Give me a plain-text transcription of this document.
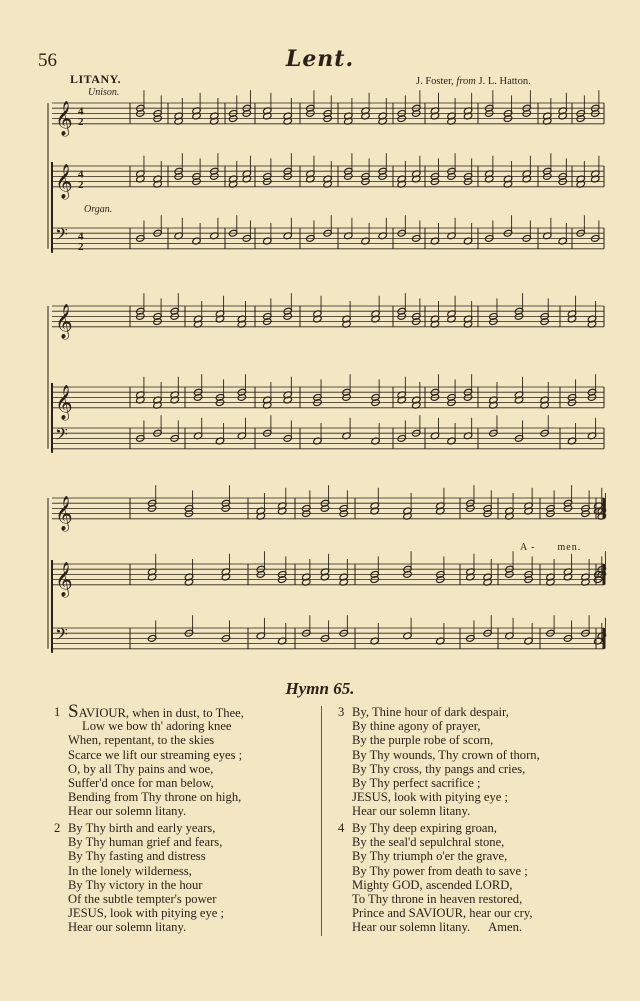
56	Lent.
LITANY.	J. Foster, from J. L. Hatton.
Unison.
Organ.
A - men.
𝄞 4
2
𝄞 4
2
𝄢 4
2
𝄞
𝄞
𝄢
𝄞
𝄞
𝄢
Hymn 65.
1 SAVIOUR, when in dust, to Thee,
Low we bow th' adoring knee
When, repentant, to the skies
Scarce we lift our streaming eyes ;
O, by all Thy pains and woe,
Suffer'd once for man below,
Bending from Thy throne on high,
Hear our solemn litany.
2 By Thy birth and early years,
By Thy human grief and fears,
By Thy fasting and distress
In the lonely wilderness,
By Thy victory in the hour
Of the subtle tempter's power
JESUS, look with pitying eye ;
Hear our solemn litany.
3 By, Thine hour of dark despair,
By thine agony of prayer,
By the purple robe of scorn,
By Thy wounds, Thy crown of thorn,
By Thy cross, thy pangs and cries,
By Thy perfect sacrifice ;
JESUS, look with pitying eye ;
Hear our solemn litany.
4 By Thy deep expiring groan,
By the seal'd sepulchral stone,
By Thy triumph o'er the grave,
By Thy power from death to save ;
Mighty GOD, ascended LORD,
To Thy throne in heaven restored,
Prince and SAVIOUR, hear our cry,
Hear our solemn litany. Amen.
